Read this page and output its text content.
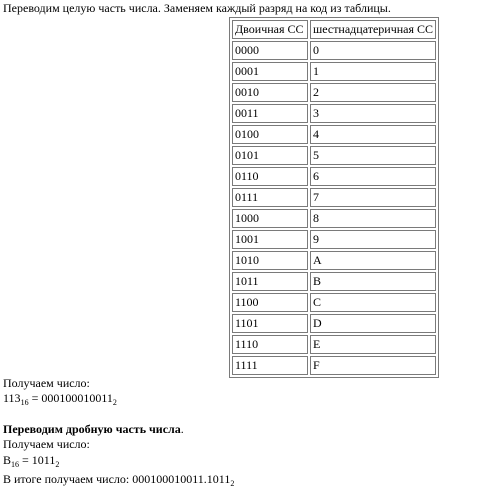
Переводим целую часть числа. Заменяем каждый разряд на код из таблицы.
Двоичная СС	шестнадцатеричная СС
0000	0
0001	1
0010	2
0011	3
0100	4
0101	5
0110	6
0111	7
1000	8
1001	9
1010	A
1011	B
1100	C
1101	D
1110	E
1111	F
Получаем число:
$113_{16} = 000100010011_2$
Переводим дробную часть числа.
Получаем число:
$B_{16} = 1011_2$
В итоге получаем число: $000100010011.1011_2$
